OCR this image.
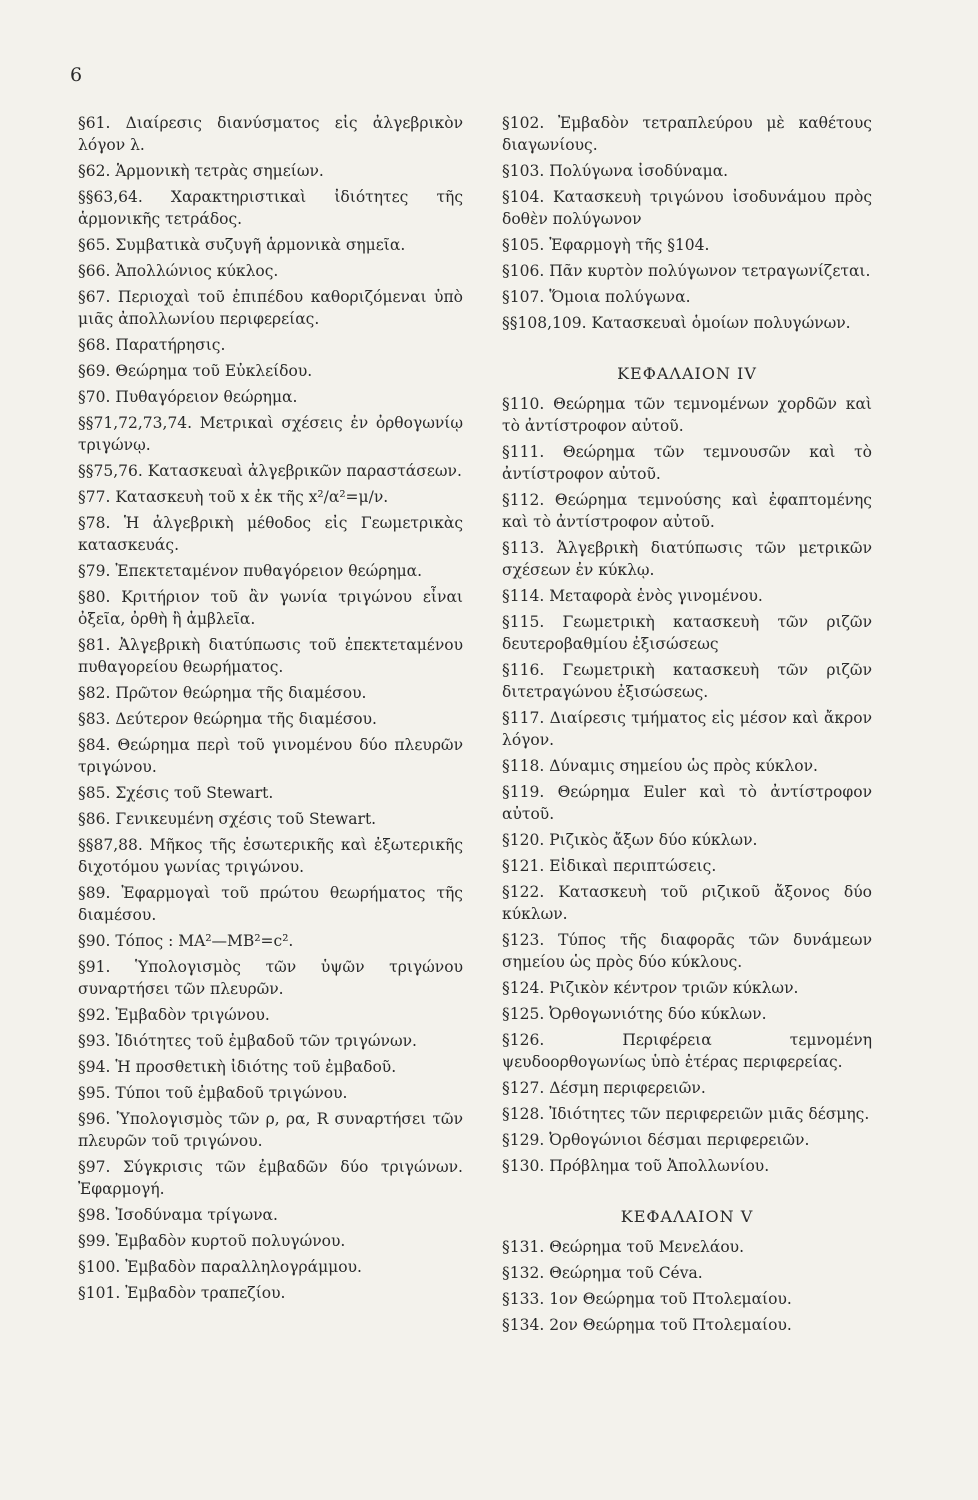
6
§61. Διαίρεσις διανύσματος εἰς ἀλγεβρικὸν λόγον λ.
§62. Ἁρμονικὴ τετρὰς σημείων.
§§63,64. Χαρακτηριστικαὶ ἰδιότητες τῆς ἁρμονικῆς τετράδος.
§65. Συμβατικὰ συζυγῆ ἁρμονικὰ σημεῖα.
§66. Ἀπολλώνιος κύκλος.
§67. Περιοχαὶ τοῦ ἐπιπέδου καθοριζόμεναι ὑπὸ μιᾶς ἀπολλωνίου περιφερείας.
§68. Παρατήρησις.
§69. Θεώρημα τοῦ Εὐκλείδου.
§70. Πυθαγόρειον θεώρημα.
§§71,72,73,74. Μετρικαὶ σχέσεις ἐν ὀρθογωνίῳ τριγώνῳ.
§§75,76. Κατασκευαὶ ἀλγεβρικῶν παραστάσεων.
§77. Κατασκευὴ τοῦ x ἐκ τῆς x²/α²=μ/ν.
§78. Ἡ ἀλγεβρικὴ μέθοδος εἰς Γεωμετρικὰς κατασκευάς.
§79. Ἐπεκτεταμένον πυθαγόρειον θεώρημα.
§80. Κριτήριον τοῦ ἂν γωνία τριγώνου εἶναι ὀξεῖα, ὀρθὴ ἢ ἀμβλεῖα.
§81. Ἀλγεβρικὴ διατύπωσις τοῦ ἐπεκτεταμένου πυθαγορείου θεωρήματος.
§82. Πρῶτον θεώρημα τῆς διαμέσου.
§83. Δεύτερον θεώρημα τῆς διαμέσου.
§84. Θεώρημα περὶ τοῦ γινομένου δύο πλευρῶν τριγώνου.
§85. Σχέσις τοῦ Stewart.
§86. Γενικευμένη σχέσις τοῦ Stewart.
§§87,88. Μῆκος τῆς ἐσωτερικῆς καὶ ἐξωτερικῆς διχοτόμου γωνίας τριγώνου.
§89. Ἐφαρμογαὶ τοῦ πρώτου θεωρήματος τῆς διαμέσου.
§90. Τόπος : MA²—MB²=c².
§91. Ὑπολογισμὸς τῶν ὑψῶν τριγώνου συναρτήσει τῶν πλευρῶν.
§92. Ἐμβαδὸν τριγώνου.
§93. Ἰδιότητες τοῦ ἐμβαδοῦ τῶν τριγώνων.
§94. Ἡ προσθετικὴ ἰδιότης τοῦ ἐμβαδοῦ.
§95. Τύποι τοῦ ἐμβαδοῦ τριγώνου.
§96. Ὑπολογισμὸς τῶν ρ, ρα, R συναρτήσει τῶν πλευρῶν τοῦ τριγώνου.
§97. Σύγκρισις τῶν ἐμβαδῶν δύο τριγώνων. Ἐφαρμογή.
§98. Ἰσοδύναμα τρίγωνα.
§99. Ἐμβαδὸν κυρτοῦ πολυγώνου.
§100. Ἐμβαδὸν παραλληλογράμμου.
§101. Ἐμβαδὸν τραπεζίου.
§102. Ἐμβαδὸν τετραπλεύρου μὲ καθέτους διαγωνίους.
§103. Πολύγωνα ἰσοδύναμα.
§104. Κατασκευὴ τριγώνου ἰσοδυνάμου πρὸς δοθὲν πολύγωνον
§105. Ἐφαρμογὴ τῆς §104.
§106. Πᾶν κυρτὸν πολύγωνον τετραγωνίζεται.
§107. Ὅμοια πολύγωνα.
§§108,109. Κατασκευαὶ ὁμοίων πολυγώνων.
ΚΕΦΑΛΑΙΟΝ IV
§110. Θεώρημα τῶν τεμνομένων χορδῶν καὶ τὸ ἀντίστροφον αὐτοῦ.
§111. Θεώρημα τῶν τεμνουσῶν καὶ τὸ ἀντίστροφον αὐτοῦ.
§112. Θεώρημα τεμνούσης καὶ ἐφαπτομένης καὶ τὸ ἀντίστροφον αὐτοῦ.
§113. Ἀλγεβρικὴ διατύπωσις τῶν μετρικῶν σχέσεων ἐν κύκλῳ.
§114. Μεταφορὰ ἑνὸς γινομένου.
§115. Γεωμετρικὴ κατασκευὴ τῶν ριζῶν δευτεροβαθμίου ἐξισώσεως
§116. Γεωμετρικὴ κατασκευὴ τῶν ριζῶν διτετραγώνου ἐξισώσεως.
§117. Διαίρεσις τμήματος εἰς μέσον καὶ ἄκρον λόγον.
§118. Δύναμις σημείου ὡς πρὸς κύκλον.
§119. Θεώρημα Euler καὶ τὸ ἀντίστροφον αὐτοῦ.
§120. Ριζικὸς ἄξων δύο κύκλων.
§121. Εἰδικαὶ περιπτώσεις.
§122. Κατασκευὴ τοῦ ριζικοῦ ἄξονος δύο κύκλων.
§123. Τύπος τῆς διαφορᾶς τῶν δυνάμεων σημείου ὡς πρὸς δύο κύκλους.
§124. Ριζικὸν κέντρον τριῶν κύκλων.
§125. Ὀρθογωνιότης δύο κύκλων.
§126. Περιφέρεια τεμνομένη ψευδοορθογωνίως ὑπὸ ἑτέρας περιφερείας.
§127. Δέσμη περιφερειῶν.
§128. Ἰδιότητες τῶν περιφερειῶν μιᾶς δέσμης.
§129. Ὀρθογώνιοι δέσμαι περιφερειῶν.
§130. Πρόβλημα τοῦ Ἀπολλωνίου.
ΚΕΦΑΛΑΙΟΝ V
§131. Θεώρημα τοῦ Μενελάου.
§132. Θεώρημα τοῦ Céva.
§133. 1ον Θεώρημα τοῦ Πτολεμαίου.
§134. 2ον Θεώρημα τοῦ Πτολεμαίου.
